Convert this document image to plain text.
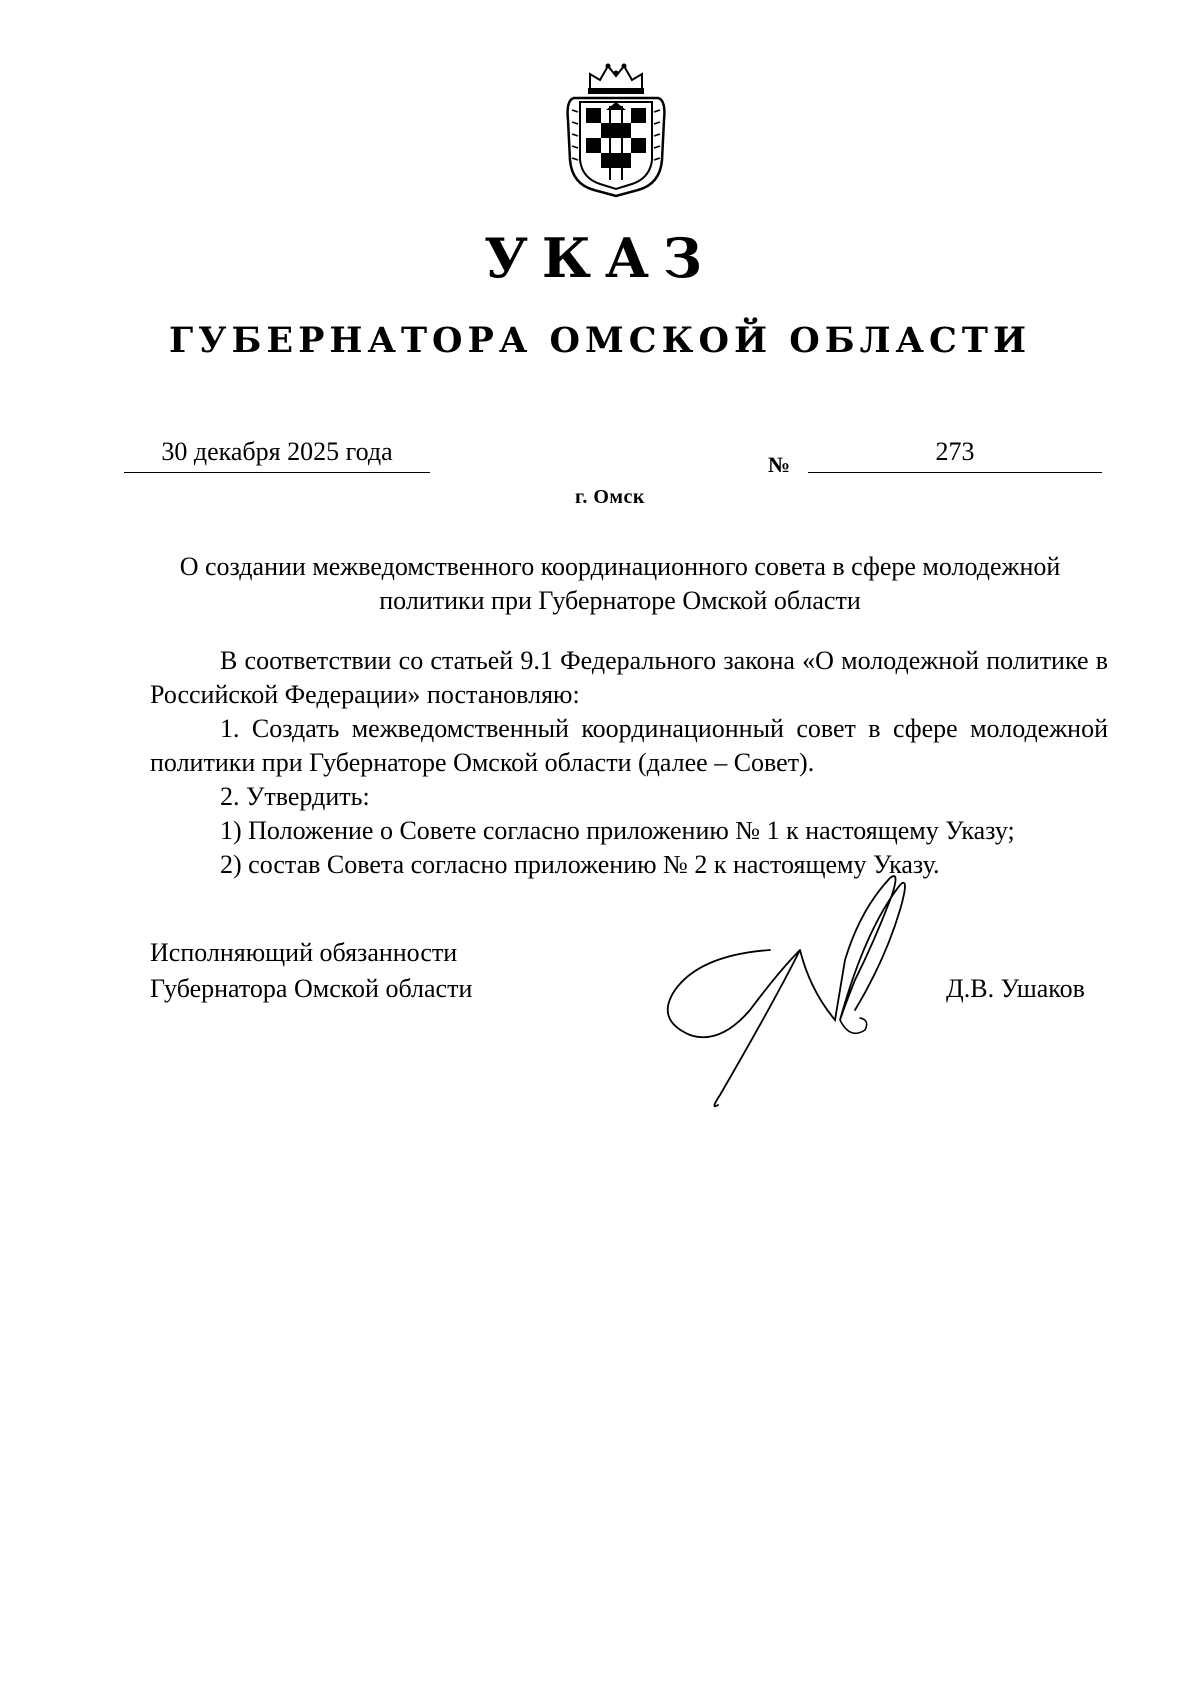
УКАЗ
ГУБЕРНАТОРА ОМСКОЙ ОБЛАСТИ
30 декабря 2025 года	№	273
г. Омск
О создании межведомственного координационного совета в сфере молодежной политики при Губернаторе Омской области

В соответствии со статьей 9.1 Федерального закона «О молодежной политике в Российской Федерации» постановляю:

1. Создать межведомственный координационный совет в сфере молодежной политики при Губернаторе Омской области (далее – Совет).

2. Утвердить:

1) Положение о Совете согласно приложению № 1 к настоящему Указу;

2) состав Совета согласно приложению № 2 к настоящему Указу.

Исполняющий обязанности
Губернатора Омской области	Д.В. Ушаков
